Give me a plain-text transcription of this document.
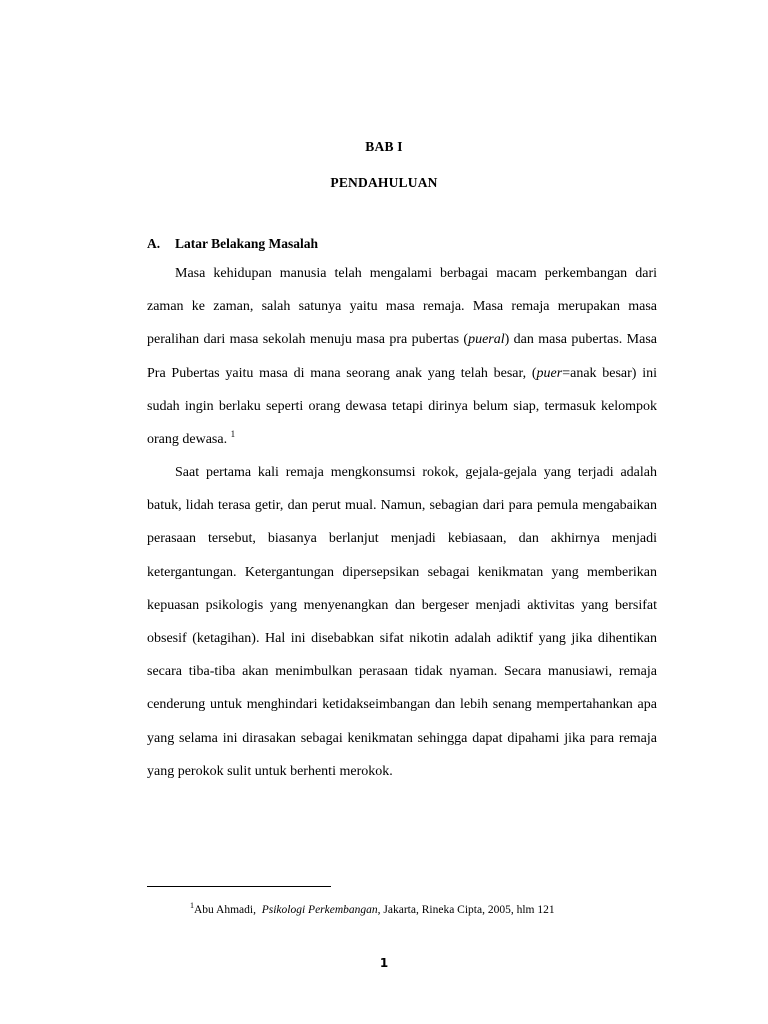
BAB I
PENDAHULUAN
A. Latar Belakang Masalah

Masa kehidupan manusia telah mengalami berbagai macam perkembangan dari zaman ke zaman, salah satunya yaitu masa remaja. Masa remaja merupakan masa peralihan dari masa sekolah menuju masa pra pubertas (pueral) dan masa pubertas. Masa Pra Pubertas yaitu masa di mana seorang anak yang telah besar, (puer=anak besar) ini sudah ingin berlaku seperti orang dewasa tetapi dirinya belum siap, termasuk kelompok orang dewasa. $^1$

Saat pertama kali remaja mengkonsumsi rokok, gejala-gejala yang terjadi adalah batuk, lidah terasa getir, dan perut mual. Namun, sebagian dari para pemula mengabaikan perasaan tersebut, biasanya berlanjut menjadi kebiasaan, dan akhirnya menjadi ketergantungan. Ketergantungan dipersepsikan sebagai kenikmatan yang memberikan kepuasan psikologis yang menyenangkan dan bergeser menjadi aktivitas yang bersifat obsesif (ketagihan). Hal ini disebabkan sifat nikotin adalah adiktif yang jika dihentikan secara tiba-tiba akan menimbulkan perasaan tidak nyaman. Secara manusiawi, remaja cenderung untuk menghindari ketidakseimbangan dan lebih senang mempertahankan apa yang selama ini dirasakan sebagai kenikmatan sehingga dapat dipahami jika para remaja yang perokok sulit untuk berhenti merokok.

$^1$Abu Ahmadi, Psikologi Perkembangan, Jakarta, Rineka Cipta, 2005, hlm 121
1
